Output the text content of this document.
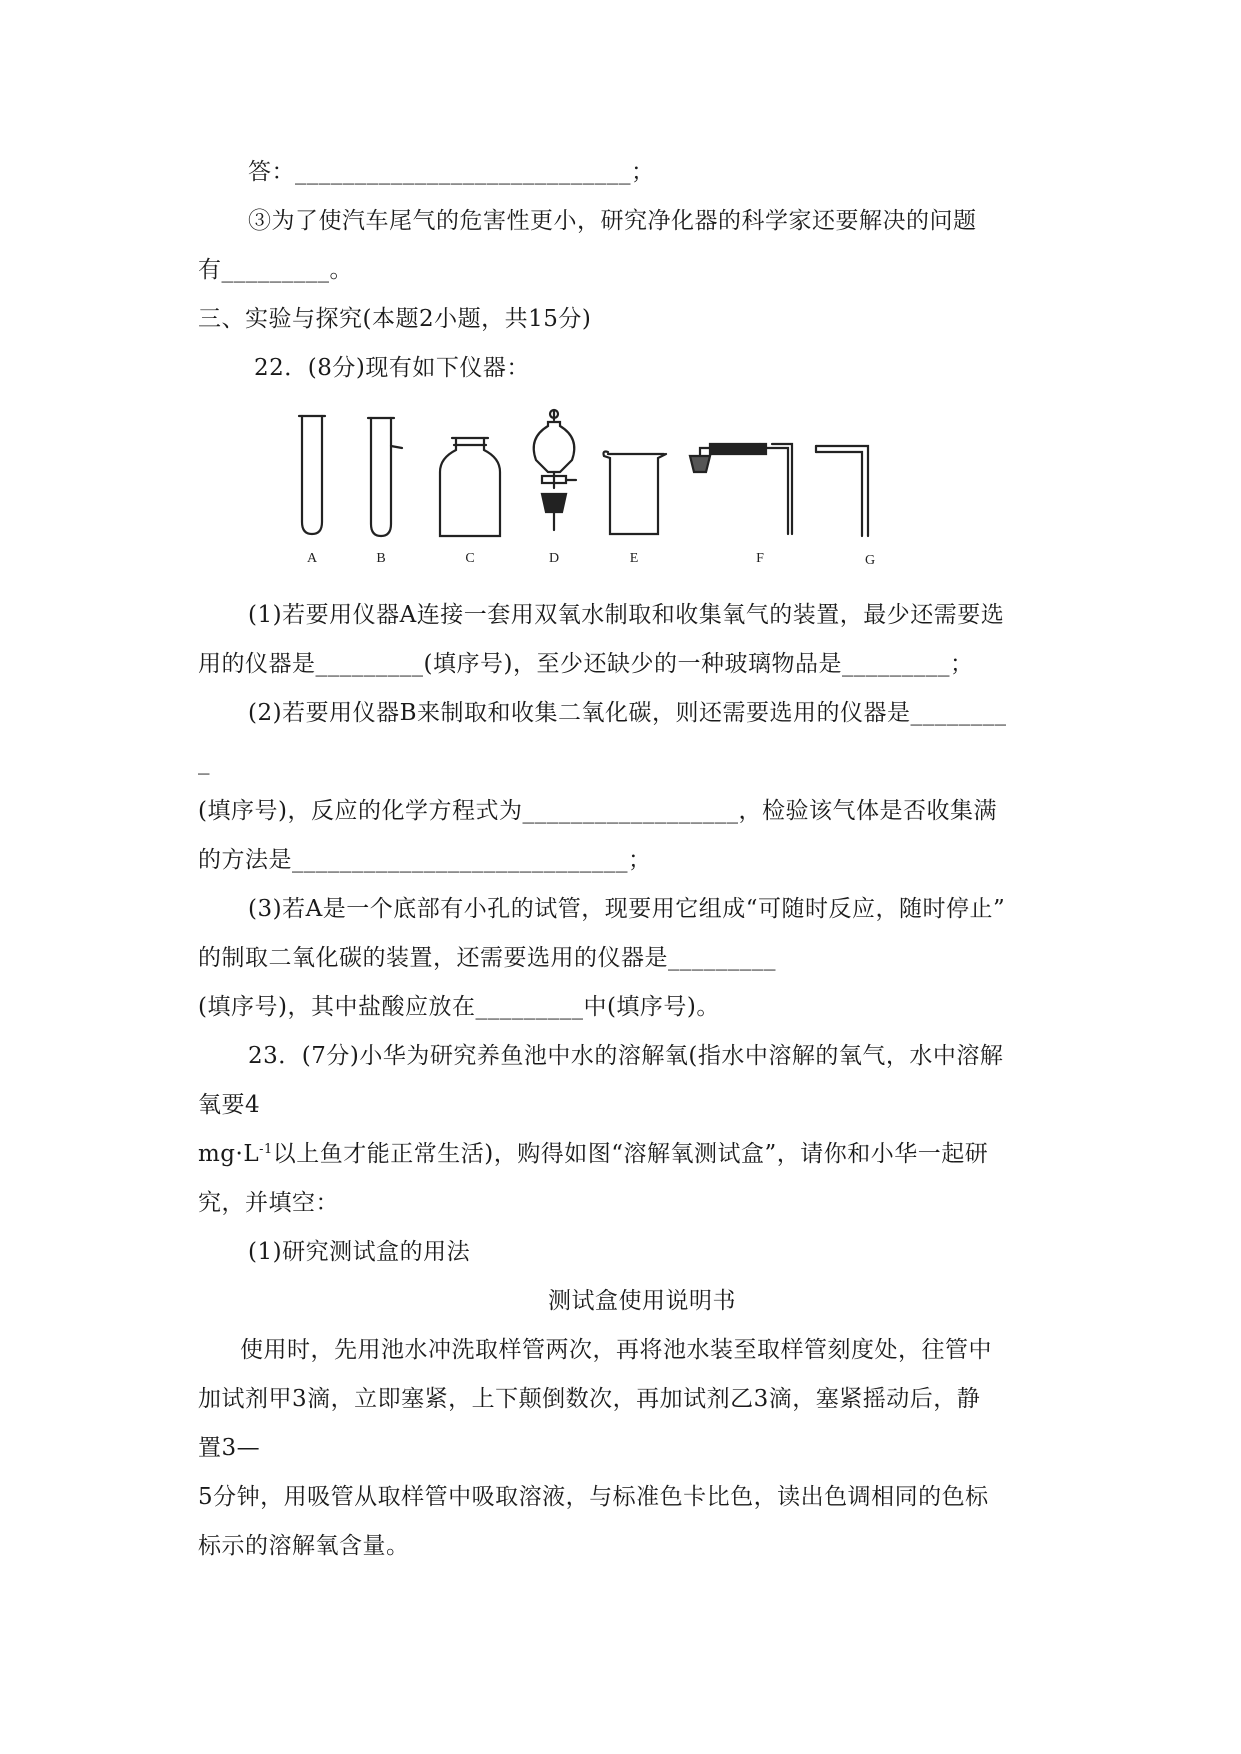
答：____________________________；
③为了使汽车尾气的危害性更小，研究净化器的科学家还要解决的问题
有_________。
三、实验与探究(本题2小题，共15分)
22．(8分)现有如下仪器：
A	B	C	D	E	F	G
(1)若要用仪器A连接一套用双氧水制取和收集氧气的装置，最少还需要选
用的仪器是_________(填序号)，至少还缺少的一种玻璃物品是_________；
(2)若要用仪器B来制取和收集二氧化碳，则还需要选用的仪器是________
_
(填序号)，反应的化学方程式为__________________，检验该气体是否收集满
的方法是____________________________；
(3)若A是一个底部有小孔的试管，现要用它组成“可随时反应，随时停止”
的制取二氧化碳的装置，还需要选用的仪器是_________
(填序号)，其中盐酸应放在_________中(填序号)。
23．(7分)小华为研究养鱼池中水的溶解氧(指水中溶解的氧气，水中溶解
氧要4
$mg\cdot L^{-1}$以上鱼才能正常生活)，购得如图“溶解氧测试盒”，请你和小华一起研
究，并填空：
(1)研究测试盒的用法
测试盒使用说明书
使用时，先用池水冲洗取样管两次，再将池水装至取样管刻度处，往管中
加试剂甲3滴，立即塞紧，上下颠倒数次，再加试剂乙3滴，塞紧摇动后，静
置3—
5分钟，用吸管从取样管中吸取溶液，与标准色卡比色，读出色调相同的色标
标示的溶解氧含量。
